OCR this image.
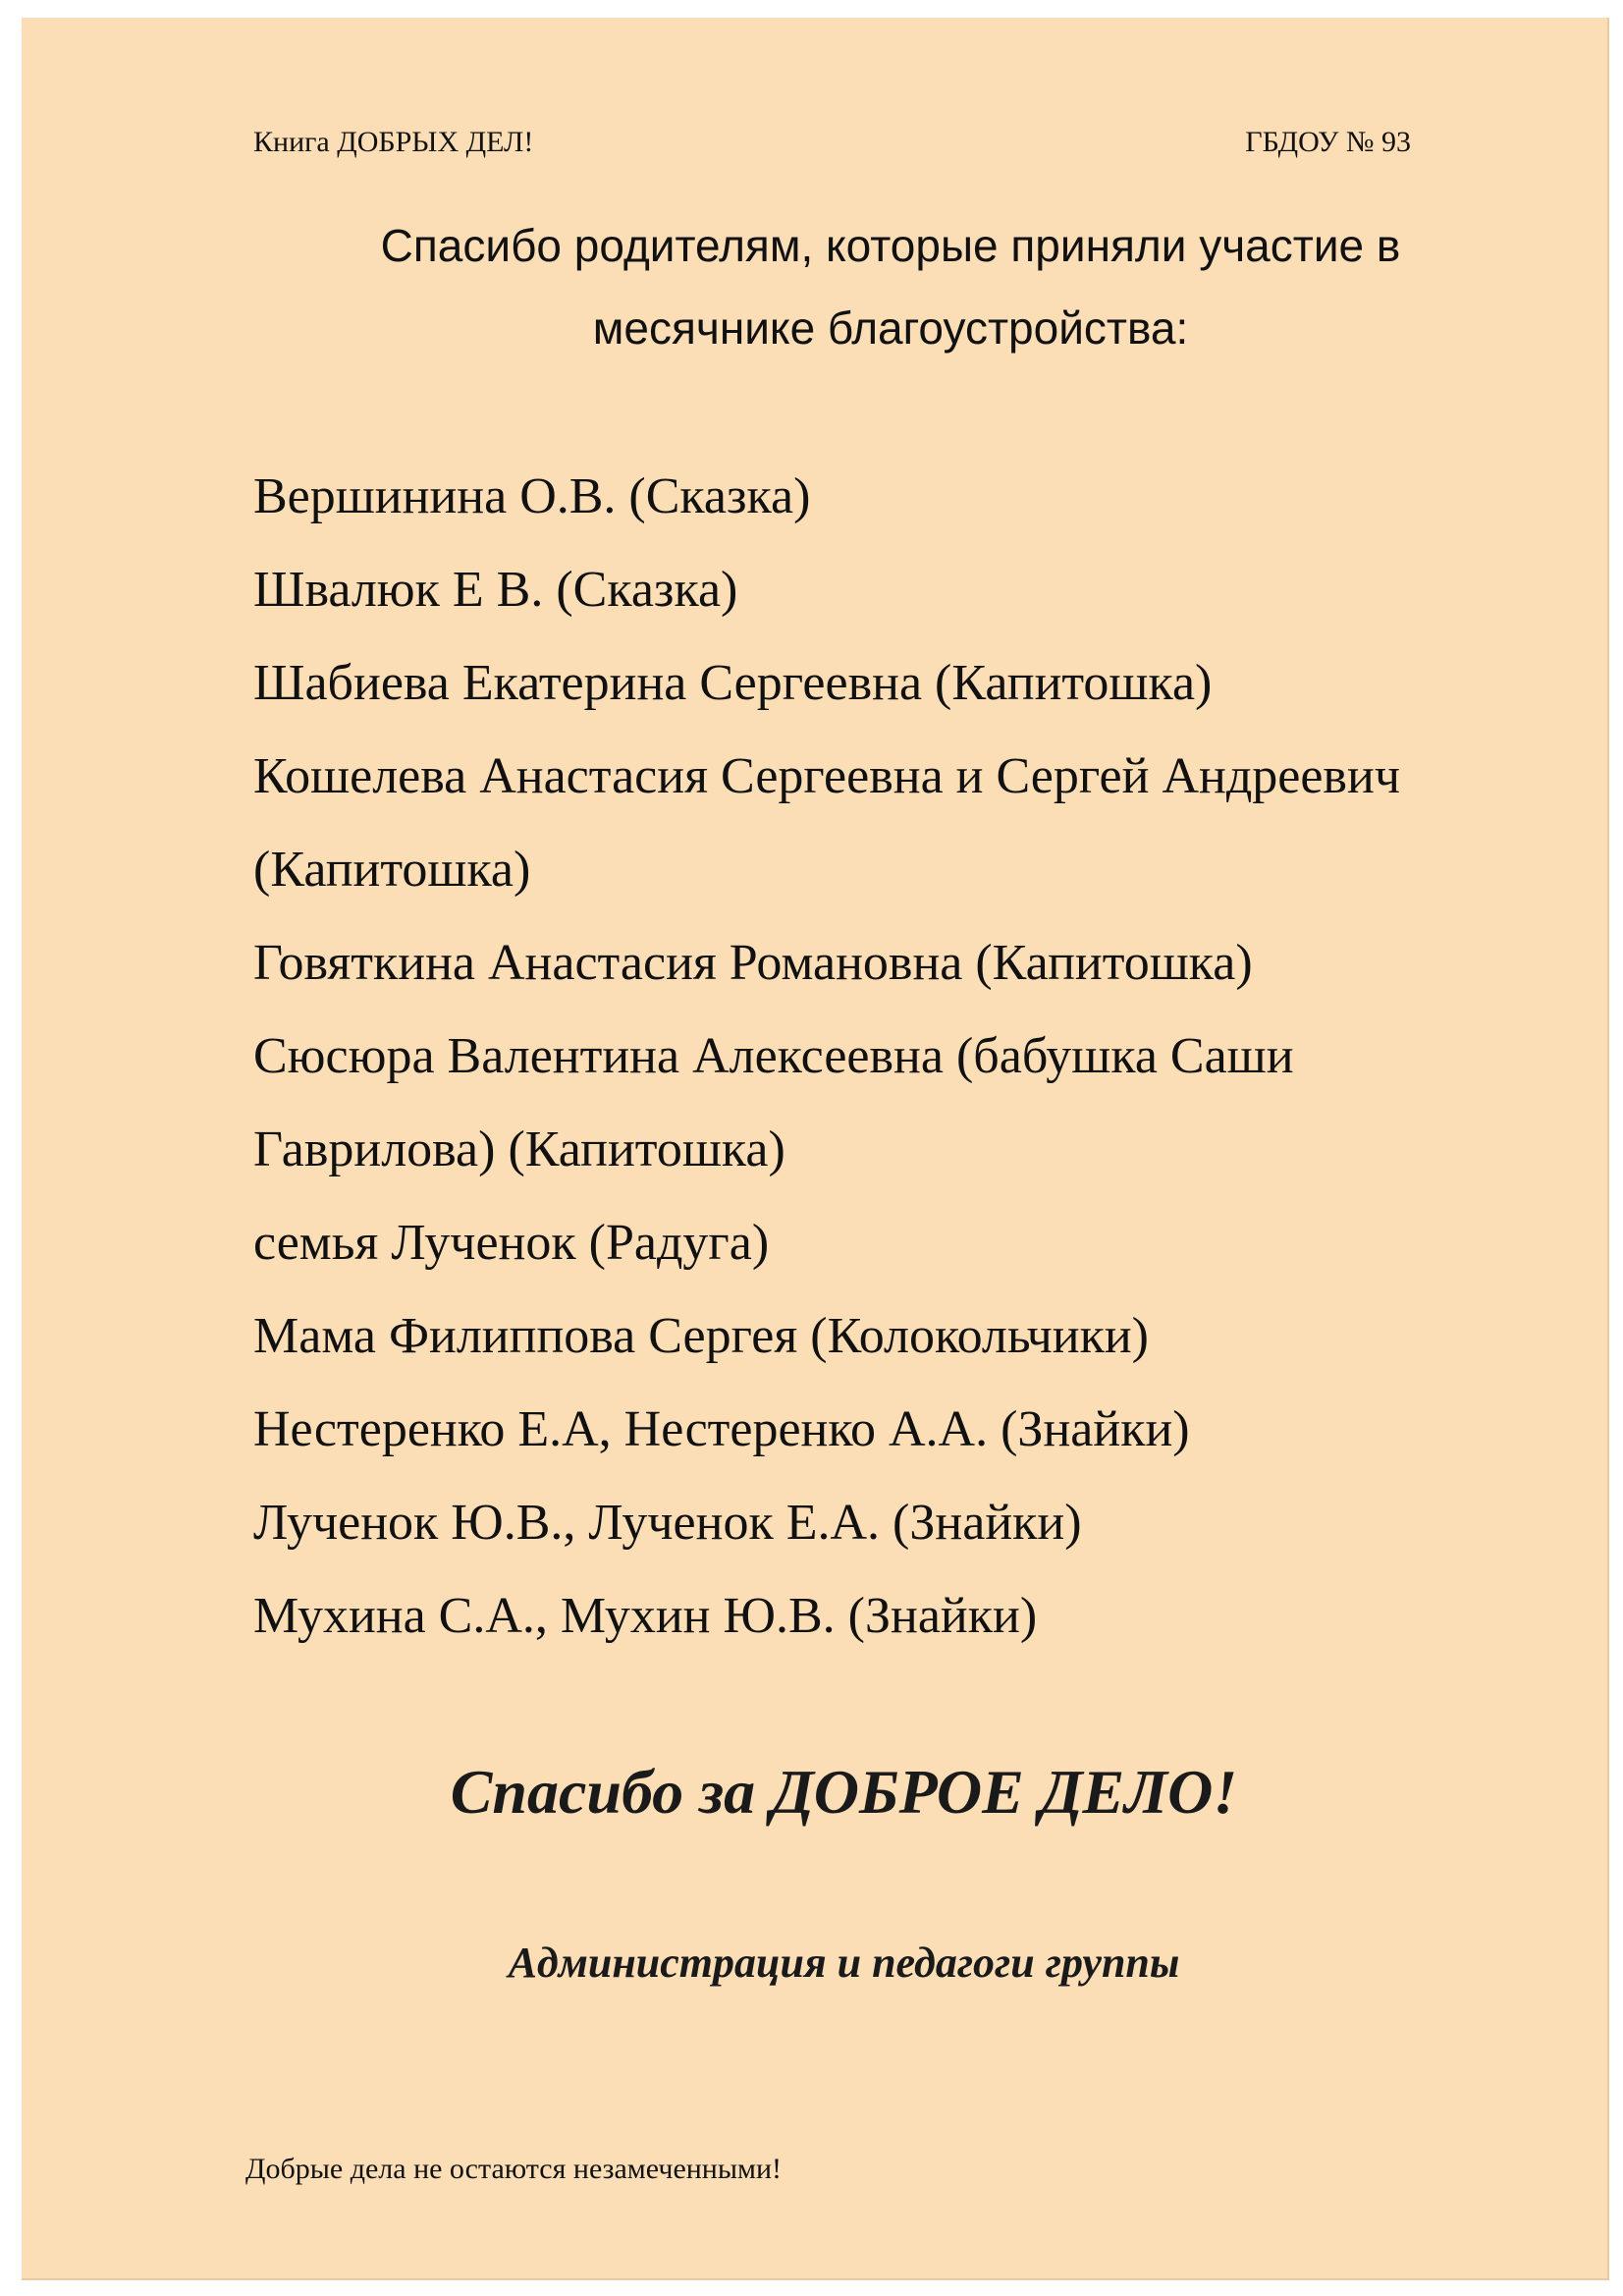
Книга ДОБРЫХ ДЕЛ!	ГБДОУ № 93
Спасибо родителям, которые приняли участие в
месячнике благоустройства:
Вершинина О.В. (Сказка)
Швалюк Е В. (Сказка)
Шабиева Екатерина Сергеевна (Капитошка)
Кошелева Анастасия Сергеевна и Сергей Андреевич
(Капитошка)
Говяткина Анастасия Романовна (Капитошка)
Сюсюра Валентина Алексеевна (бабушка Саши
Гаврилова) (Капитошка)
семья Лученок (Радуга)
Мама Филиппова Сергея (Колокольчики)
Нестеренко Е.А, Нестеренко А.А. (Знайки)
Лученок Ю.В., Лученок Е.А. (Знайки)
Мухина С.А., Мухин Ю.В. (Знайки)
Спасибо за ДОБРОЕ ДЕЛО!
Администрация и педагоги группы
Добрые дела не остаются незамеченными!
